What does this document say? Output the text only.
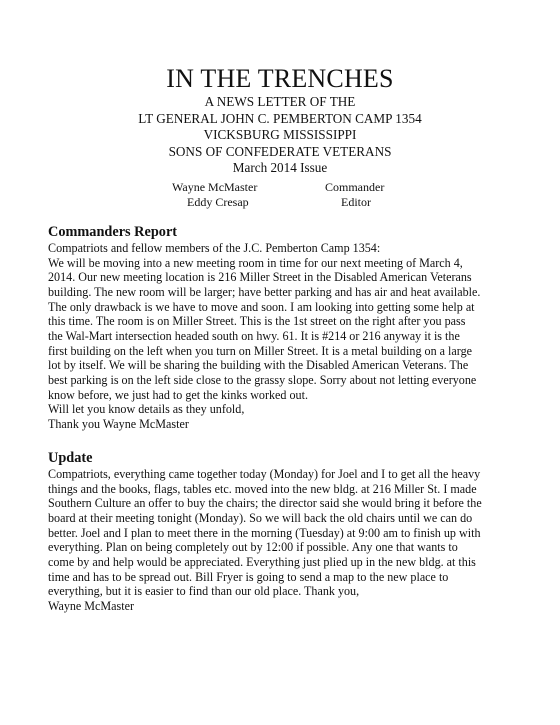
IN THE TRENCHES
A NEWS LETTER OF THE
LT GENERAL JOHN C. PEMBERTON CAMP 1354
VICKSBURG MISSISSIPPI
SONS OF CONFEDERATE VETERANS
March 2014 Issue
Wayne McMaster	Commander
Eddy Cresap	Editor
Commanders Report

Compatriots and fellow members of the J.C. Pemberton Camp 1354:
We will be moving into a new meeting room in time for our next meeting of March 4,
2014. Our new meeting location is 216 Miller Street in the Disabled American Veterans
building. The new room will be larger; have better parking and has air and heat available.
The only drawback is we have to move and soon. I am looking into getting some help at
this time. The room is on Miller Street. This is the 1st street on the right after you pass
the Wal-Mart intersection headed south on hwy. 61. It is #214 or 216 anyway it is the
first building on the left when you turn on Miller Street. It is a metal building on a large
lot by itself. We will be sharing the building with the Disabled American Veterans. The
best parking is on the left side close to the grassy slope. Sorry about not letting everyone
know before, we just had to get the kinks worked out.
Will let you know details as they unfold,
Thank you Wayne McMaster

Update

Compatriots, everything came together today (Monday) for Joel and I to get all the heavy
things and the books, flags, tables etc. moved into the new bldg. at 216 Miller St. I made
Southern Culture an offer to buy the chairs; the director said she would bring it before the
board at their meeting tonight (Monday). So we will back the old chairs until we can do
better. Joel and I plan to meet there in the morning (Tuesday) at 9:00 am to finish up with
everything. Plan on being completely out by 12:00 if possible. Any one that wants to
come by and help would be appreciated. Everything just plied up in the new bldg. at this
time and has to be spread out. Bill Fryer is going to send a map to the new place to
everything, but it is easier to find than our old place. Thank you,
Wayne McMaster
